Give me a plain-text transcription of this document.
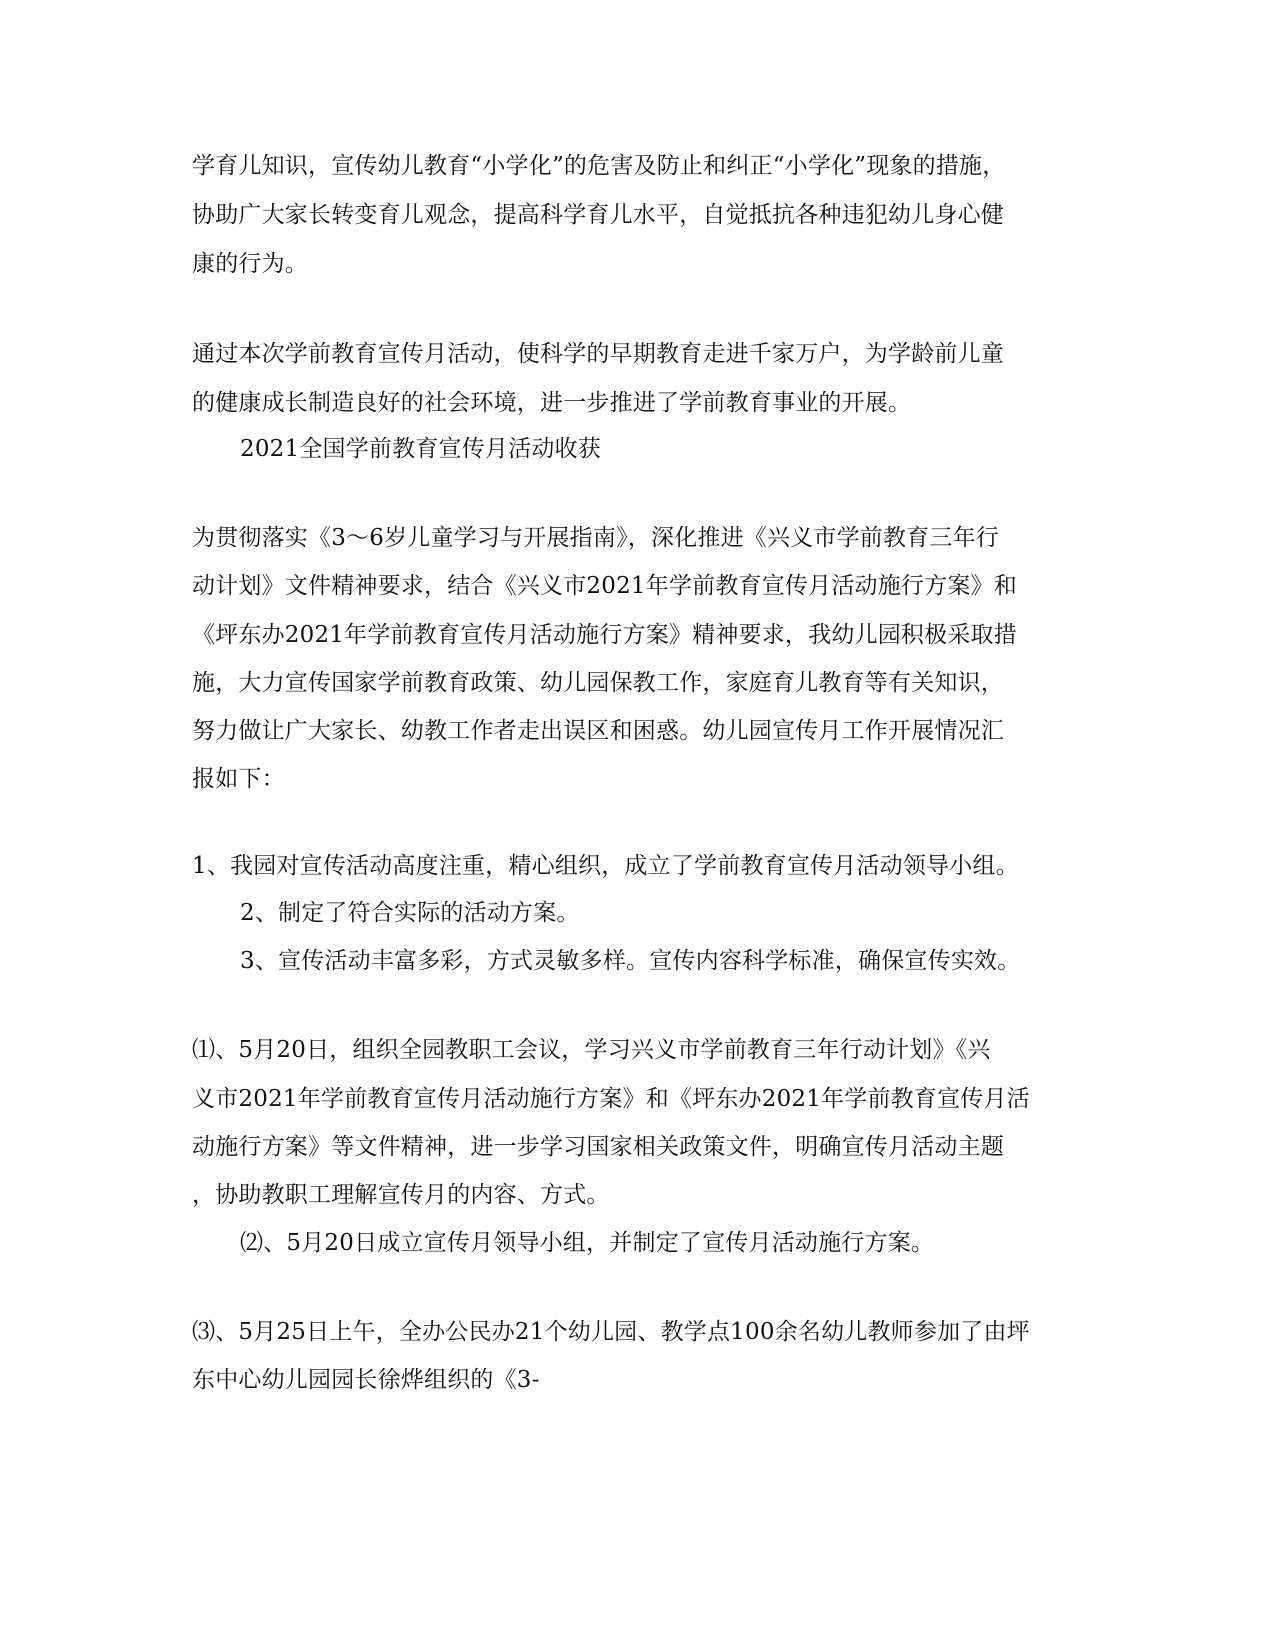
学育儿知识，宣传幼儿教育“小学化”的危害及防止和纠正“小学化”现象的措施，
协助广大家长转变育儿观念，提高科学育儿水平，自觉抵抗各种违犯幼儿身心健
康的行为。
通过本次学前教育宣传月活动，使科学的早期教育走进千家万户，为学龄前儿童
的健康成长制造良好的社会环境，进一步推进了学前教育事业的开展。
2021全国学前教育宣传月活动收获
为贯彻落实《3～6岁儿童学习与开展指南》，深化推进《兴义市学前教育三年行
动计划》文件精神要求，结合《兴义市2021年学前教育宣传月活动施行方案》和
《坪东办2021年学前教育宣传月活动施行方案》精神要求，我幼儿园积极采取措
施，大力宣传国家学前教育政策、幼儿园保教工作，家庭育儿教育等有关知识，
努力做让广大家长、幼教工作者走出误区和困惑。幼儿园宣传月工作开展情况汇
报如下：
1、我园对宣传活动高度注重，精心组织，成立了学前教育宣传月活动领导小组。
2、制定了符合实际的活动方案。
3、宣传活动丰富多彩，方式灵敏多样。宣传内容科学标准，确保宣传实效。
⑴、5月20日，组织全园教职工会议，学习兴义市学前教育三年行动计划》《兴
义市2021年学前教育宣传月活动施行方案》和《坪东办2021年学前教育宣传月活
动施行方案》等文件精神，进一步学习国家相关政策文件，明确宣传月活动主题
，协助教职工理解宣传月的内容、方式。
⑵、5月20日成立宣传月领导小组，并制定了宣传月活动施行方案。
⑶、5月25日上午，全办公民办21个幼儿园、教学点100余名幼儿教师参加了由坪
东中心幼儿园园长徐烨组织的《3-
